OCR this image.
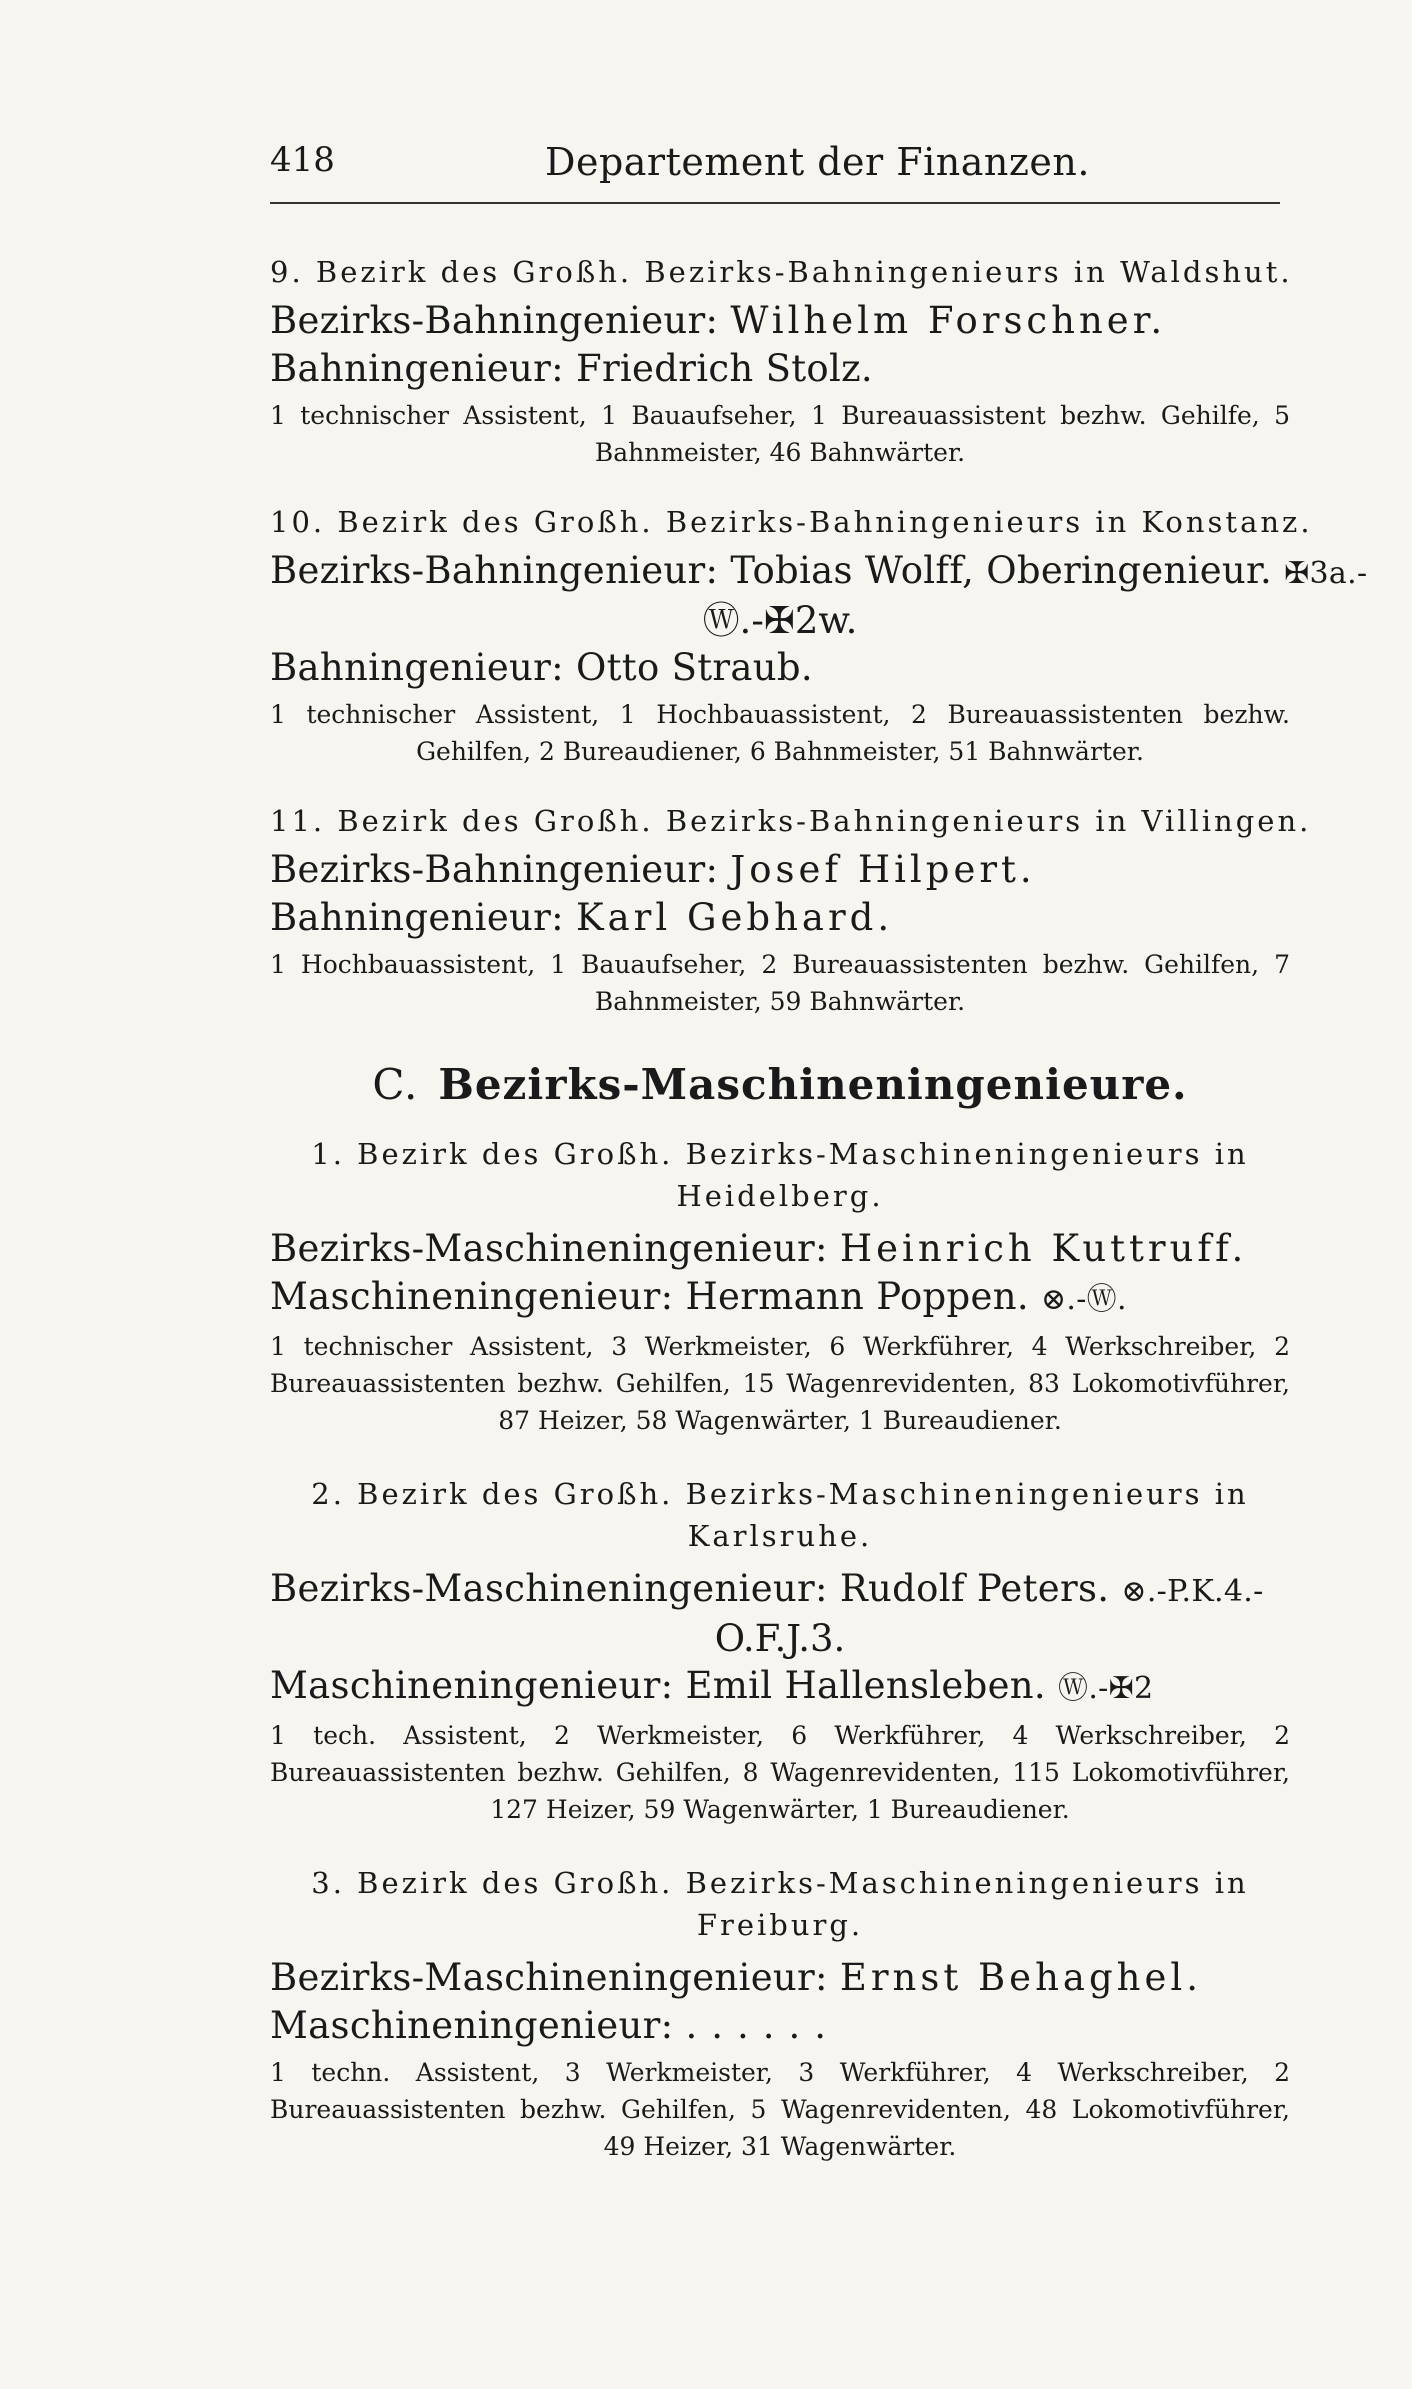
418	Departement der Finanzen.
9. Bezirk des Großh. Bezirks-Bahningenieurs in Waldshut.
Bezirks-Bahningenieur: Wilhelm Forschner.
Bahningenieur: Friedrich Stolz.
1 technischer Assistent, 1 Bauaufseher, 1 Bureauassistent bezhw. Gehilfe, 5 Bahnmeister, 46 Bahnwärter.
10. Bezirk des Großh. Bezirks-Bahningenieurs in Konstanz.
Bezirks-Bahningenieur: Tobias Wolff, Oberingenieur. ✠3a.-
Ⓦ.-✠2w.
Bahningenieur: Otto Straub.
1 technischer Assistent, 1 Hochbauassistent, 2 Bureauassistenten bezhw. Gehilfen, 2 Bureaudiener, 6 Bahnmeister, 51 Bahnwärter.
11. Bezirk des Großh. Bezirks-Bahningenieurs in Villingen.
Bezirks-Bahningenieur: Josef Hilpert.
Bahningenieur: Karl Gebhard.
1 Hochbauassistent, 1 Bauaufseher, 2 Bureauassistenten bezhw. Gehilfen, 7 Bahnmeister, 59 Bahnwärter.
C. Bezirks-Maschineningenieure.
1. Bezirk des Großh. Bezirks-Maschineningenieurs in Heidelberg.
Bezirks-Maschineningenieur: Heinrich Kuttruff.
Maschineningenieur: Hermann Poppen. ⊗.-Ⓦ.
1 technischer Assistent, 3 Werkmeister, 6 Werkführer, 4 Werkschreiber, 2 Bureauassistenten bezhw. Gehilfen, 15 Wagenrevidenten, 83 Lokomotivführer, 87 Heizer, 58 Wagenwärter, 1 Bureaudiener.
2. Bezirk des Großh. Bezirks-Maschineningenieurs in Karlsruhe.
Bezirks-Maschineningenieur: Rudolf Peters. ⊗.-P.K.4.-
O.F.J.3.
Maschineningenieur: Emil Hallensleben. Ⓦ.-✠2
1 tech. Assistent, 2 Werkmeister, 6 Werkführer, 4 Werkschreiber, 2 Bureauassistenten bezhw. Gehilfen, 8 Wagenrevidenten, 115 Lokomotivführer, 127 Heizer, 59 Wagenwärter, 1 Bureaudiener.
3. Bezirk des Großh. Bezirks-Maschineningenieurs in Freiburg.
Bezirks-Maschineningenieur: Ernst Behaghel.
Maschineningenieur: ......
1 techn. Assistent, 3 Werkmeister, 3 Werkführer, 4 Werkschreiber, 2 Bureauassistenten bezhw. Gehilfen, 5 Wagenrevidenten, 48 Lokomotivführer, 49 Heizer, 31 Wagenwärter.
